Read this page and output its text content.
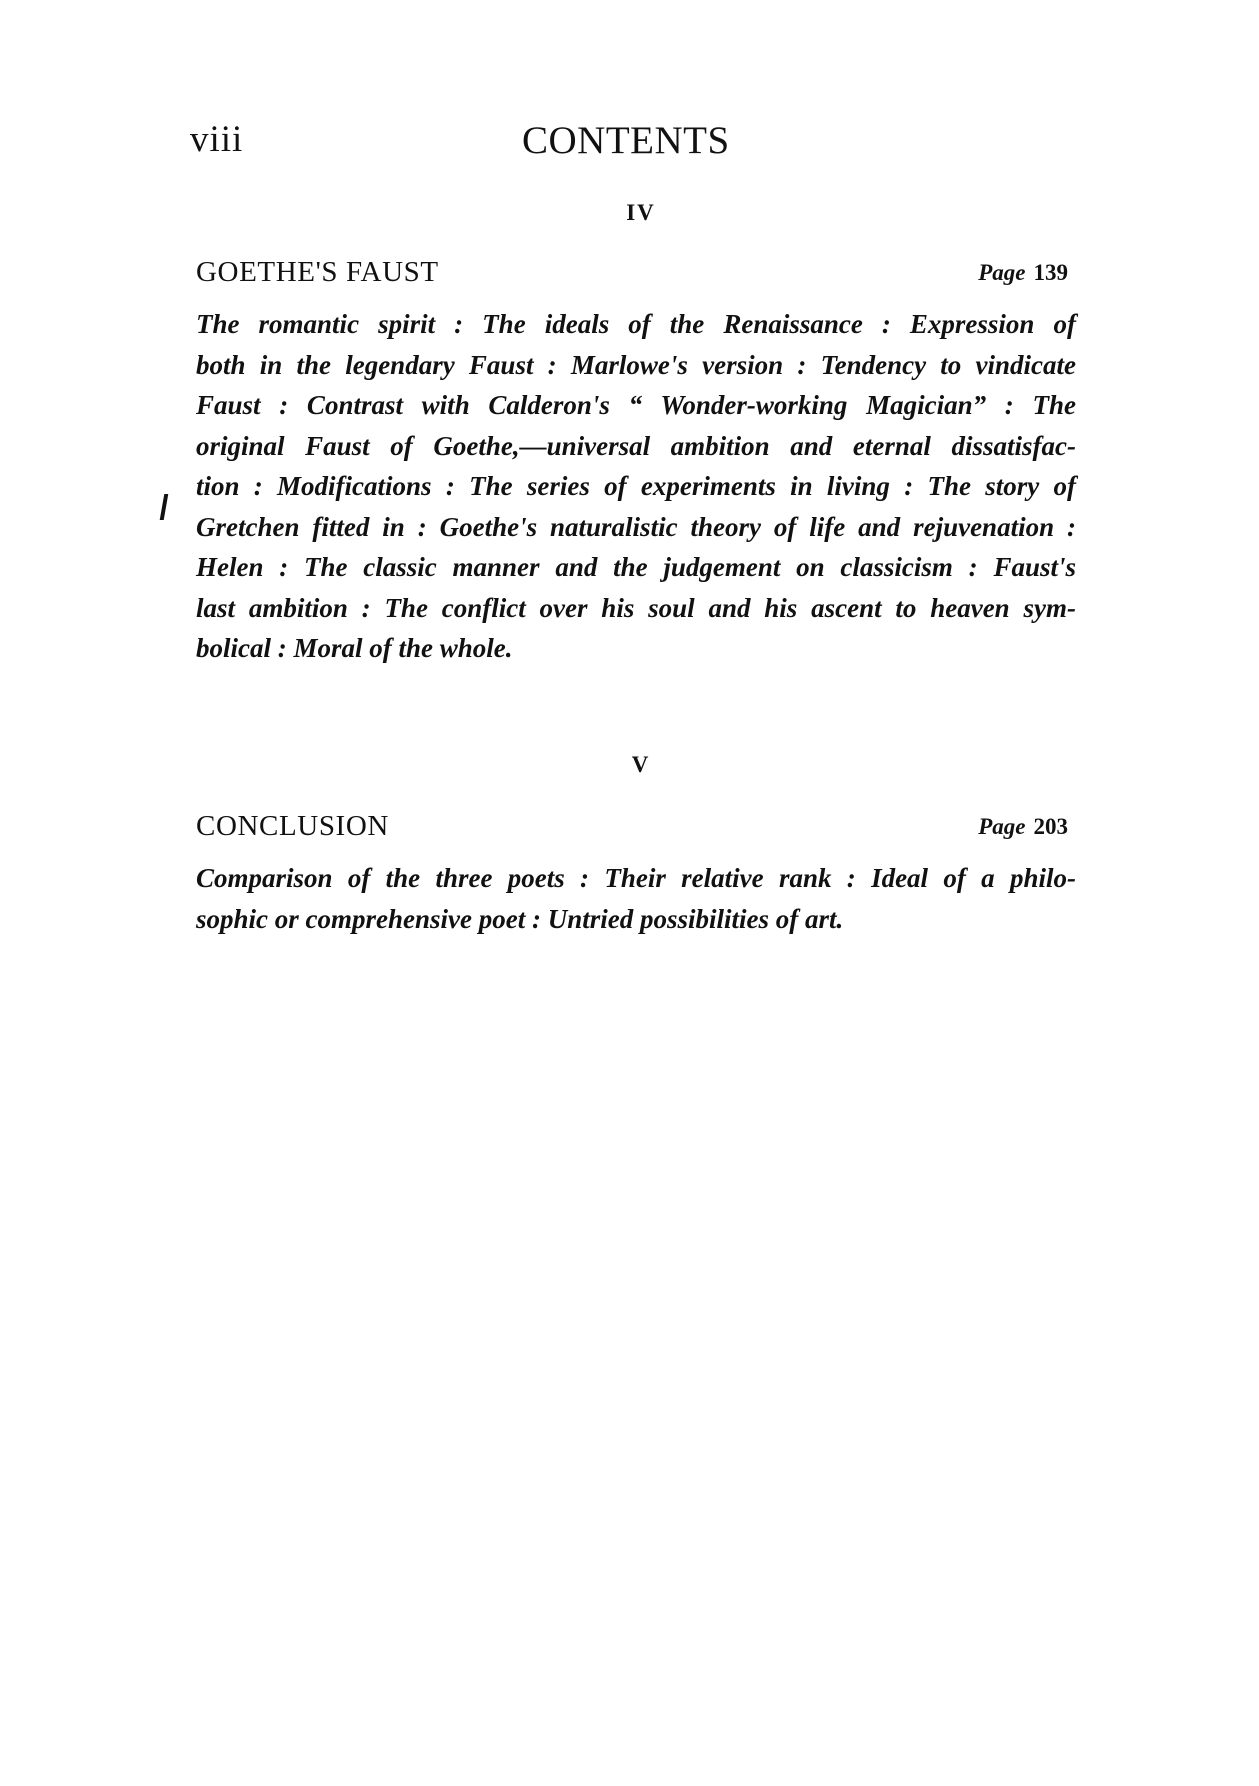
viii	CONTENTS
IV
GOETHE'S FAUST	Page 139
The romantic spirit : The ideals of the Renaissance : Expression of
both in the legendary Faust : Marlowe's version : Tendency to vindicate
Faust : Contrast with Calderon's “ Wonder-working Magician” : The
original Faust of Goethe,—universal ambition and eternal dissatisfac-
tion : Modifications : The series of experiments in living : The story of
Gretchen fitted in : Goethe's naturalistic theory of life and rejuvenation :
Helen : The classic manner and the judgement on classicism : Faust's
last ambition : The conflict over his soul and his ascent to heaven sym-
bolical : Moral of the whole.
V
CONCLUSION	Page 203
Comparison of the three poets : Their relative rank : Ideal of a philo-
sophic or comprehensive poet : Untried possibilities of art.
